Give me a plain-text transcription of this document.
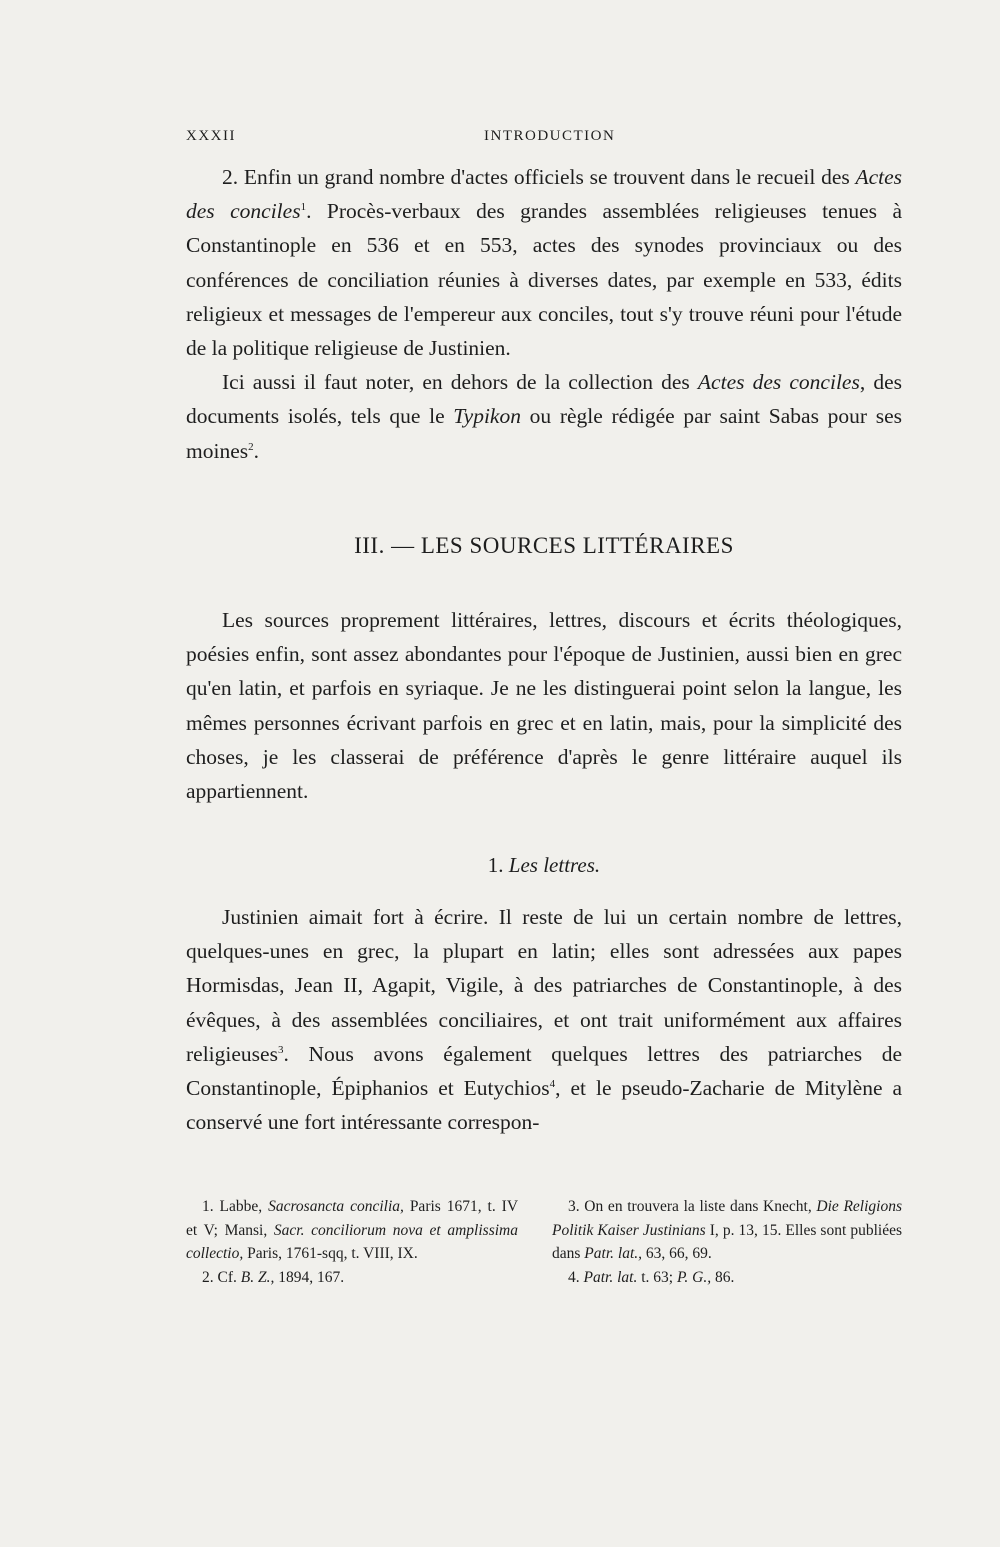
XXXII	INTRODUCTION

2. Enfin un grand nombre d'actes officiels se trouvent dans le recueil des Actes des conciles$^1$. Procès-verbaux des grandes assemblées religieuses tenues à Constantinople en 536 et en 553, actes des synodes provinciaux ou des conférences de conciliation réunies à diverses dates, par exemple en 533, édits religieux et messages de l'empereur aux conciles, tout s'y trouve réuni pour l'étude de la politique religieuse de Justinien.

Ici aussi il faut noter, en dehors de la collection des Actes des conciles, des documents isolés, tels que le Typikon ou règle rédigée par saint Sabas pour ses moines$^2$.

III. — LES SOURCES LITTÉRAIRES

Les sources proprement littéraires, lettres, discours et écrits théologiques, poésies enfin, sont assez abondantes pour l'époque de Justinien, aussi bien en grec qu'en latin, et parfois en syriaque. Je ne les distinguerai point selon la langue, les mêmes personnes écrivant parfois en grec et en latin, mais, pour la simplicité des choses, je les classerai de préférence d'après le genre littéraire auquel ils appartiennent.

1. Les lettres.

Justinien aimait fort à écrire. Il reste de lui un certain nombre de lettres, quelques-unes en grec, la plupart en latin; elles sont adressées aux papes Hormisdas, Jean II, Agapit, Vigile, à des patriarches de Constantinople, à des évêques, à des assemblées conciliaires, et ont trait uniformément aux affaires religieuses$^3$. Nous avons également quelques lettres des patriarches de Constantinople, Épiphanios et Eutychios$^4$, et le pseudo-Zacharie de Mitylène a conservé une fort intéressante correspon-

1. Labbe, Sacrosancta concilia, Paris 1671, t. IV et V; Mansi, Sacr. conciliorum nova et amplissima collectio, Paris, 1761-sqq, t. VIII, IX.

2. Cf. B. Z., 1894, 167.

3. On en trouvera la liste dans Knecht, Die Religions Politik Kaiser Justinians I, p. 13, 15. Elles sont publiées dans Patr. lat., 63, 66, 69.

4. Patr. lat. t. 63; P. G., 86.
